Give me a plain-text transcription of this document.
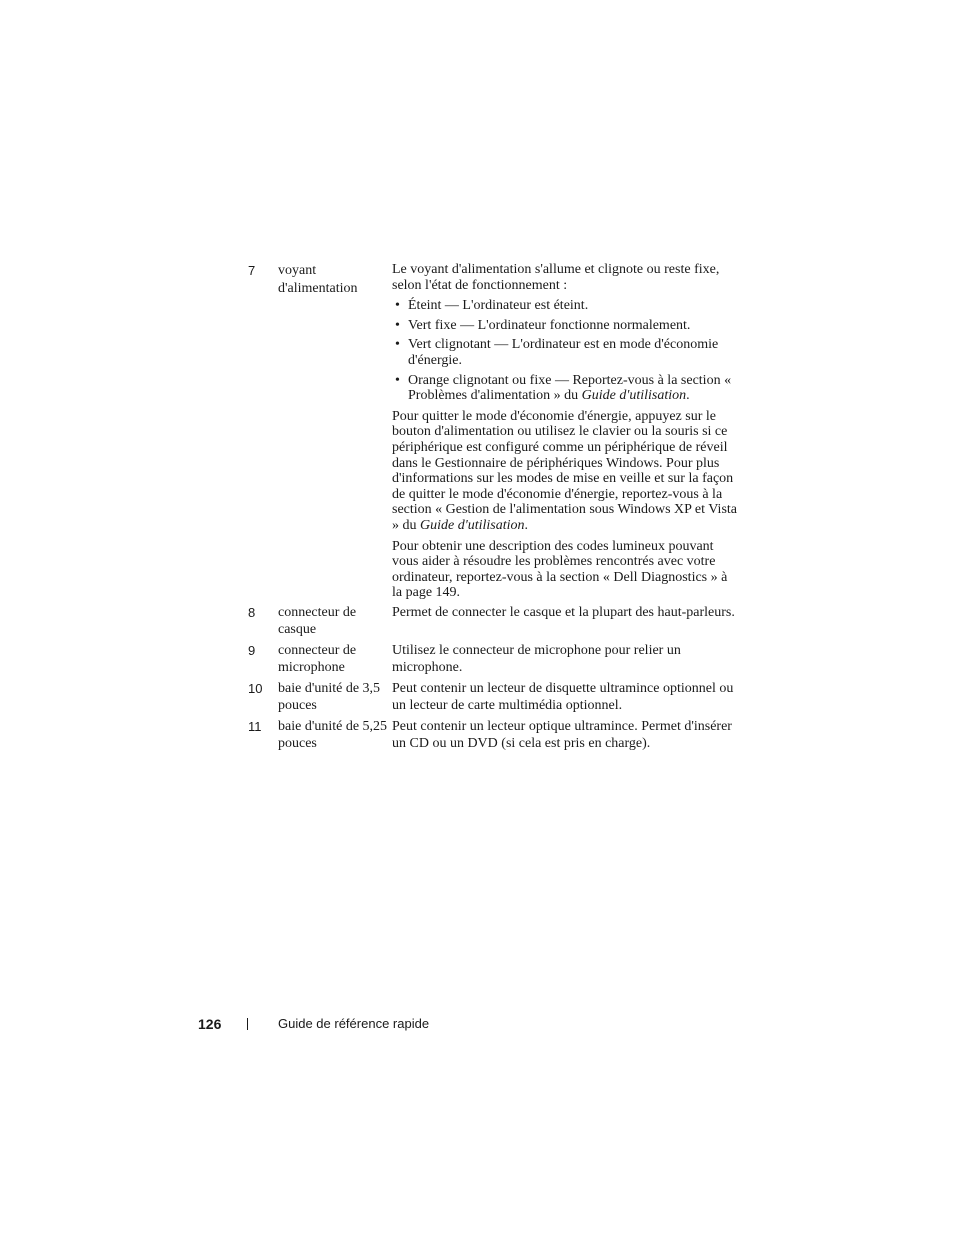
7	voyant d'alimentation

Le voyant d'alimentation s'allume et clignote ou reste fixe, selon l'état de fonctionnement :

• Éteint — L'ordinateur est éteint.
• Vert fixe — L'ordinateur fonctionne normalement.
• Vert clignotant — L'ordinateur est en mode d'économie d'énergie.
• Orange clignotant ou fixe — Reportez-vous à la section « Problèmes d'alimentation » du Guide d'utilisation.

Pour quitter le mode d'économie d'énergie, appuyez sur le bouton d'alimentation ou utilisez le clavier ou la souris si ce périphérique est configuré comme un périphérique de réveil dans le Gestionnaire de périphériques Windows. Pour plus d'informations sur les modes de mise en veille et sur la façon de quitter le mode d'économie d'énergie, reportez-vous à la section « Gestion de l'alimentation sous Windows XP et Vista » du Guide d'utilisation.

Pour obtenir une description des codes lumineux pouvant vous aider à résoudre les problèmes rencontrés avec votre ordinateur, reportez-vous à la section « Dell Diagnostics » à la page 149.

8	connecteur de casque
Permet de connecter le casque et la plupart des haut-parleurs.
9	connecteur de microphone
Utilisez le connecteur de microphone pour relier un microphone.
10	baie d'unité de 3,5 pouces
Peut contenir un lecteur de disquette ultramince optionnel ou un lecteur de carte multimédia optionnel.
11	baie d'unité de 5,25 pouces
Peut contenir un lecteur optique ultramince. Permet d'insérer un CD ou un DVD (si cela est pris en charge).
126	Guide de référence rapide
